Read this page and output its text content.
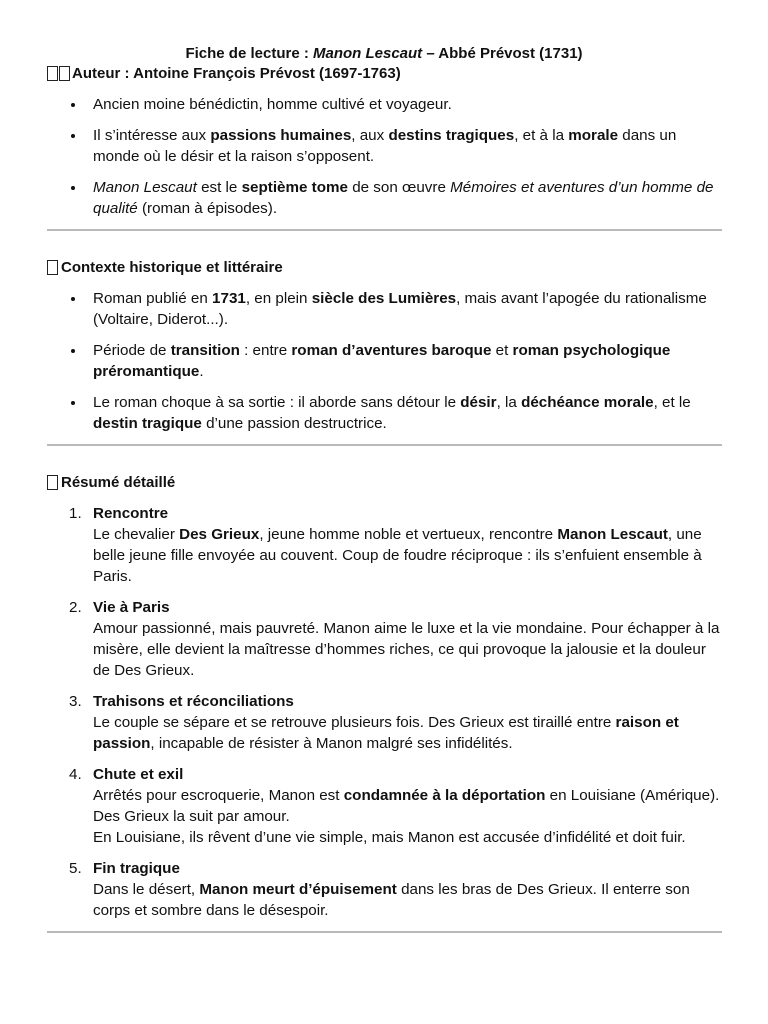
Fiche de lecture : Manon Lescaut – Abbé Prévost (1731)
Auteur : Antoine François Prévost (1697-1763)
Ancien moine bénédictin, homme cultivé et voyageur.
Il s’intéresse aux passions humaines, aux destins tragiques, et à la morale dans un monde où le désir et la raison s’opposent.
Manon Lescaut est le septième tome de son œuvre Mémoires et aventures d’un homme de qualité (roman à épisodes).
Contexte historique et littéraire
Roman publié en 1731, en plein siècle des Lumières, mais avant l’apogée du rationalisme (Voltaire, Diderot...).
Période de transition : entre roman d’aventures baroque et roman psychologique préromantique.
Le roman choque à sa sortie : il aborde sans détour le désir, la déchéance morale, et le destin tragique d’une passion destructrice.
Résumé détaillé
1. Rencontre
Le chevalier Des Grieux, jeune homme noble et vertueux, rencontre Manon Lescaut, une belle jeune fille envoyée au couvent. Coup de foudre réciproque : ils s’enfuient ensemble à Paris.
2. Vie à Paris
Amour passionné, mais pauvreté. Manon aime le luxe et la vie mondaine. Pour échapper à la misère, elle devient la maîtresse d’hommes riches, ce qui provoque la jalousie et la douleur de Des Grieux.
3. Trahisons et réconciliations
Le couple se sépare et se retrouve plusieurs fois. Des Grieux est tiraillé entre raison et passion, incapable de résister à Manon malgré ses infidélités.
4. Chute et exil
Arrêtés pour escroquerie, Manon est condamnée à la déportation en Louisiane (Amérique). Des Grieux la suit par amour.
En Louisiane, ils rêvent d’une vie simple, mais Manon est accusée d’infidélité et doit fuir.
5. Fin tragique
Dans le désert, Manon meurt d’épuisement dans les bras de Des Grieux. Il enterre son corps et sombre dans le désespoir.
